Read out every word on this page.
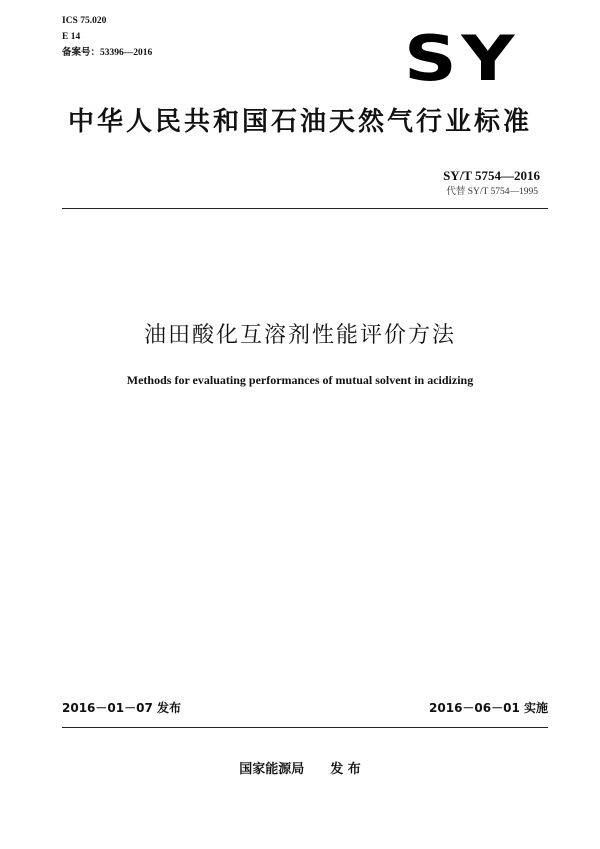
ICS 75.020
E 14
备案号：53396—2016	SY
中华人民共和国石油天然气行业标准
SY/T 5754—2016
代替 SY/T 5754—1995
油田酸化互溶剂性能评价方法
Methods for evaluating performances of mutual solvent in acidizing
2016－01－07 发布	2016－06－01 实施
国家能源局 发 布
